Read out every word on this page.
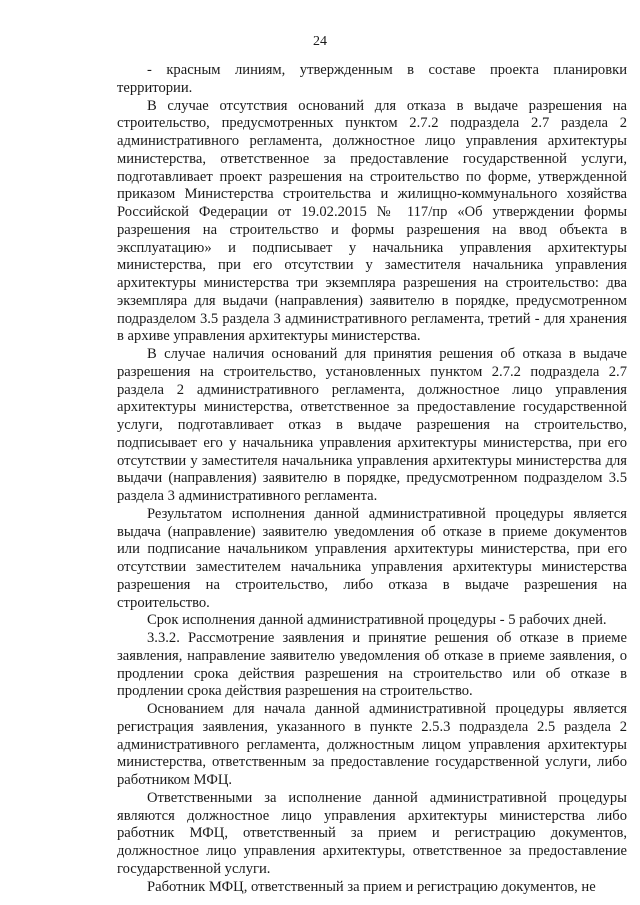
24

- красным линиям, утвержденным в составе проекта планировки территории.

В случае отсутствия оснований для отказа в выдаче разрешения на строительство, предусмотренных пунктом 2.7.2 подраздела 2.7 раздела 2 административного регламента, должностное лицо управления архитектуры министерства, ответственное за предоставление государственной услуги, подготавливает проект разрешения на строительство по форме, утвержденной приказом Министерства строительства и жилищно-коммунального хозяйства Российской Федерации от 19.02.2015 № 117/пр «Об утверждении формы разрешения на строительство и формы разрешения на ввод объекта в эксплуатацию» и подписывает у начальника управления архитектуры министерства, при его отсутствии у заместителя начальника управления архитектуры министерства три экземпляра разрешения на строительство: два экземпляра для выдачи (направления) заявителю в порядке, предусмотренном подразделом 3.5 раздела 3 административного регламента, третий - для хранения в архиве управления архитектуры министерства.

В случае наличия оснований для принятия решения об отказа в выдаче разрешения на строительство, установленных пунктом 2.7.2 подраздела 2.7 раздела 2 административного регламента, должностное лицо управления архитектуры министерства, ответственное за предоставление государственной услуги, подготавливает отказ в выдаче разрешения на строительство, подписывает его у начальника управления архитектуры министерства, при его отсутствии у заместителя начальника управления архитектуры министерства для выдачи (направления) заявителю в порядке, предусмотренном подразделом 3.5 раздела 3 административного регламента.

Результатом исполнения данной административной процедуры является выдача (направление) заявителю уведомления об отказе в приеме документов или подписание начальником управления архитектуры министерства, при его отсутствии заместителем начальника управления архитектуры министерства разрешения на строительство, либо отказа в выдаче разрешения на строительство.

Срок исполнения данной административной процедуры - 5 рабочих дней.

3.3.2. Рассмотрение заявления и принятие решения об отказе в приеме заявления, направление заявителю уведомления об отказе в приеме заявления, о продлении срока действия разрешения на строительство или об отказе в продлении срока действия разрешения на строительство.

Основанием для начала данной административной процедуры является регистрация заявления, указанного в пункте 2.5.3 подраздела 2.5 раздела 2 административного регламента, должностным лицом управления архитектуры министерства, ответственным за предоставление государственной услуги, либо работником МФЦ.

Ответственными за исполнение данной административной процедуры являются должностное лицо управления архитектуры министерства либо работник МФЦ, ответственный за прием и регистрацию документов, должностное лицо управления архитектуры, ответственное за предоставление государственной услуги.

Работник МФЦ, ответственный за прием и регистрацию документов, не
